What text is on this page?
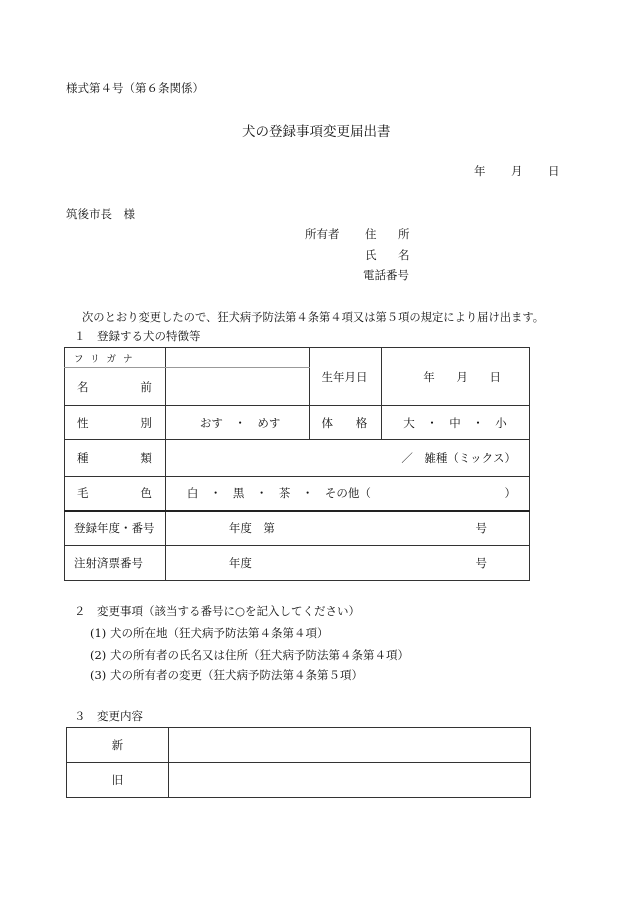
様式第４号（第６条関係）
犬の登録事項変更届出書
年 月 日
筑後市長　様
所有者 住 所
氏 名
電話番号
次のとおり変更したので、狂犬病予防法第４条第４項又は第５項の規定により届け出ます。
１　登録する犬の特徴等
フリガナ		生年月日	年 月 日

名 前			

性 別	おす　・　めす	体 格	大　・　中　・　小

種 類	／　雑種（ミックス）		

毛 色	白　・　黒　・　茶　・　その他（ ）		

登録年度・番号	年度　第 号		

注射済票番号	年度 号		
２　変更事項（該当する番号に○を記入してください）
(1) 犬の所在地（狂犬病予防法第４条第４項）
(2) 犬の所有者の氏名又は住所（狂犬病予防法第４条第４項）
(3) 犬の所有者の変更（狂犬病予防法第４条第５項）
３　変更内容
新	
旧	
